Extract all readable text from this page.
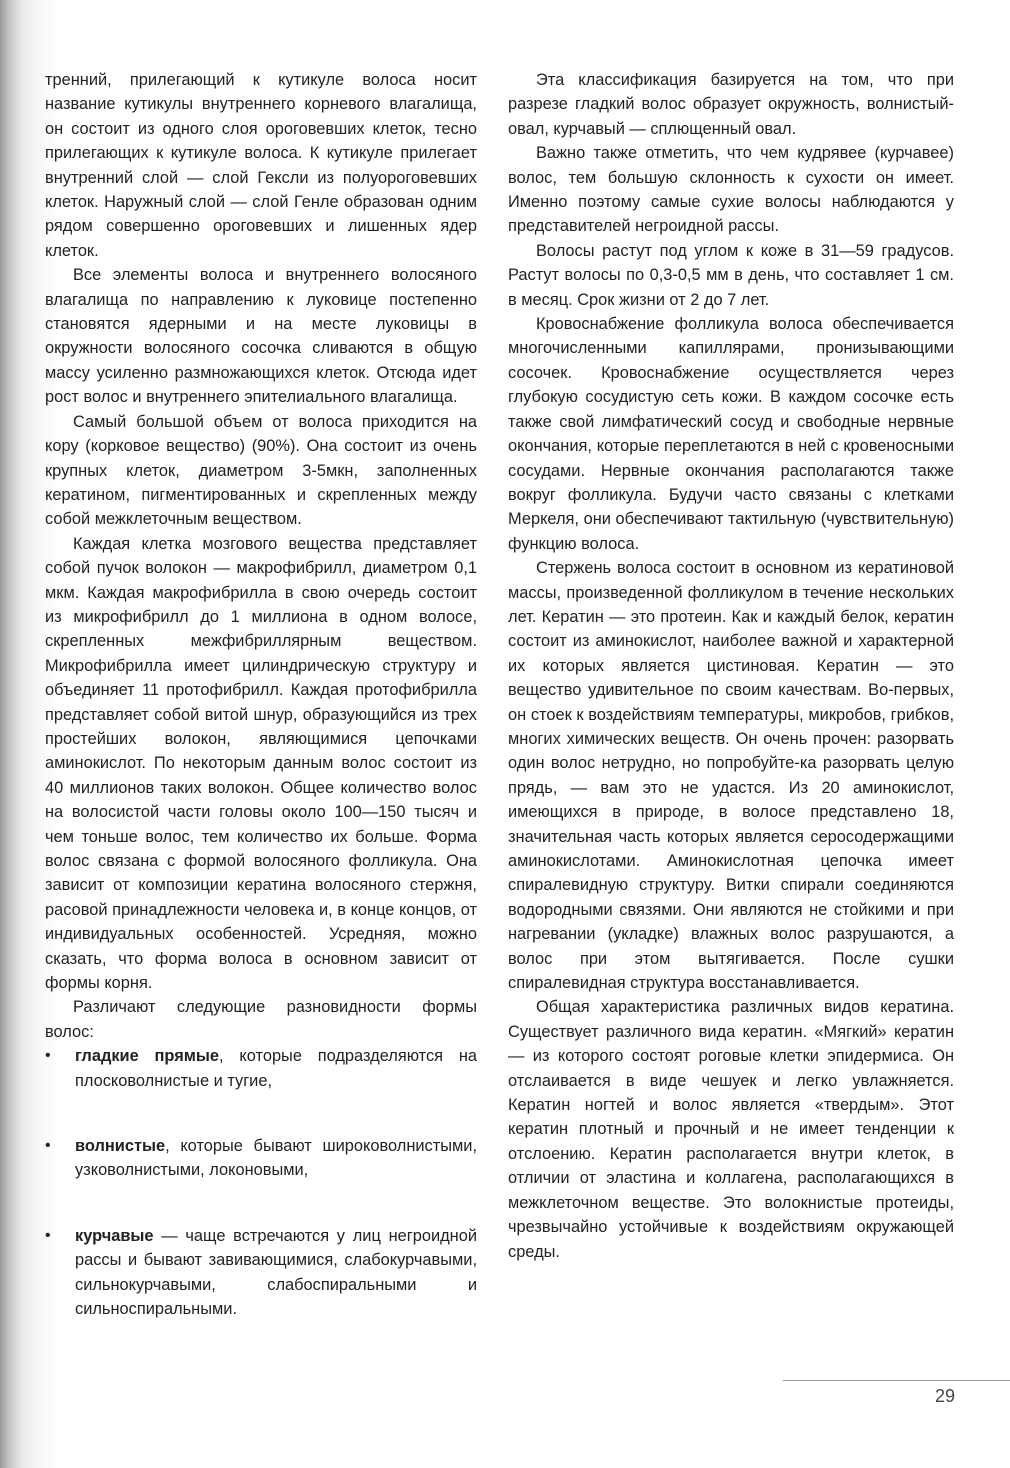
тренний, прилегающий к кутикуле волоса носит название кутикулы внутреннего корневого влагалища, он состоит из одного слоя ороговевших клеток, тесно прилегающих к кутикуле волоса. К кутикуле прилегает внутренний слой — слой Гексли из полуороговевших клеток. Наружный слой — слой Генле образован одним рядом совершенно ороговевших и лишенных ядер клеток.

Все элементы волоса и внутреннего волосяного влагалища по направлению к луковице постепенно становятся ядерными и на месте луковицы в окружности волосяного сосочка сливаются в общую массу усиленно размножающихся клеток. Отсюда идет рост волос и внутреннего эпителиального влагалища.

Самый большой объем от волоса приходится на кору (корковое вещество) (90%). Она состоит из очень крупных клеток, диаметром 3-5мкн, заполненных кератином, пигментированных и скрепленных между собой межклеточным веществом.

Каждая клетка мозгового вещества представляет собой пучок волокон — макрофибрилл, диаметром 0,1 мкм. Каждая макрофибрилла в свою очередь состоит из микрофибрилл до 1 миллиона в одном волосе, скрепленных межфибриллярным веществом. Микрофибрилла имеет цилиндрическую структуру и объединяет 11 протофибрилл. Каждая протофибрилла представляет собой витой шнур, образующийся из трех простейших волокон, являющимися цепочками аминокислот. По некоторым данным волос состоит из 40 миллионов таких волокон. Общее количество волос на волосистой части головы около 100—150 тысяч и чем тоньше волос, тем количество их больше. Форма волос связана с формой волосяного фолликула. Она зависит от композиции кератина волосяного стержня, расовой принадлежности человека и, в конце концов, от индивидуальных особенностей. Усредняя, можно сказать, что форма волоса в основном зависит от формы корня.

Различают следующие разновидности формы волос:

• гладкие прямые, которые подразделяются на плосковолнистые и тугие,
• волнистые, которые бывают широковолнистыми, узковолнистыми, локоновыми,
• курчавые — чаще встречаются у лиц негроидной рассы и бывают завивающимися, слабокурчавыми, сильнокурчавыми, слабоспиральными и сильноспиральными.

Эта классификация базируется на том, что при разрезе гладкий волос образует окружность, волнистый-овал, курчавый — сплющенный овал.

Важно также отметить, что чем кудрявее (курчавее) волос, тем большую склонность к сухости он имеет. Именно поэтому самые сухие волосы наблюдаются у представителей негроидной рассы.

Волосы растут под углом к коже в 31—59 градусов. Растут волосы по 0,3-0,5 мм в день, что составляет 1 см. в месяц. Срок жизни от 2 до 7 лет.

Кровоснабжение фолликула волоса обеспечивается многочисленными капиллярами, пронизывающими сосочек. Кровоснабжение осуществляется через глубокую сосудистую сеть кожи. В каждом сосочке есть также свой лимфатический сосуд и свободные нервные окончания, которые переплетаются в ней с кровеносными сосудами. Нервные окончания располагаются также вокруг фолликула. Будучи часто связаны с клетками Меркеля, они обеспечивают тактильную (чувствительную) функцию волоса.

Стержень волоса состоит в основном из кератиновой массы, произведенной фолликулом в течение нескольких лет. Кератин — это протеин. Как и каждый белок, кератин состоит из аминокислот, наиболее важной и характерной их которых является цистиновая. Кератин — это вещество удивительное по своим качествам. Во-первых, он стоек к воздействиям температуры, микробов, грибков, многих химических веществ. Он очень прочен: разорвать один волос нетрудно, но попробуйте-ка разорвать целую прядь, — вам это не удастся. Из 20 аминокислот, имеющихся в природе, в волосе представлено 18, значительная часть которых является серосодержащими аминокислотами. Аминокислотная цепочка имеет спиралевидную структуру. Витки спирали соединяются водородными связями. Они являются не стойкими и при нагревании (укладке) влажных волос разрушаются, а волос при этом вытягивается. После сушки спиралевидная структура восстанавливается.

Общая характеристика различных видов кератина. Существует различного вида кератин. «Мягкий» кератин — из которого состоят роговые клетки эпидермиса. Он отслаивается в виде чешуек и легко увлажняется. Кератин ногтей и волос является «твердым». Этот кератин плотный и прочный и не имеет тенденции к отслоению. Кератин располагается внутри клеток, в отличии от эластина и коллагена, располагающихся в межклеточном веществе. Это волокнистые протеиды, чрезвычайно устойчивые к воздействиям окружающей среды.

29
